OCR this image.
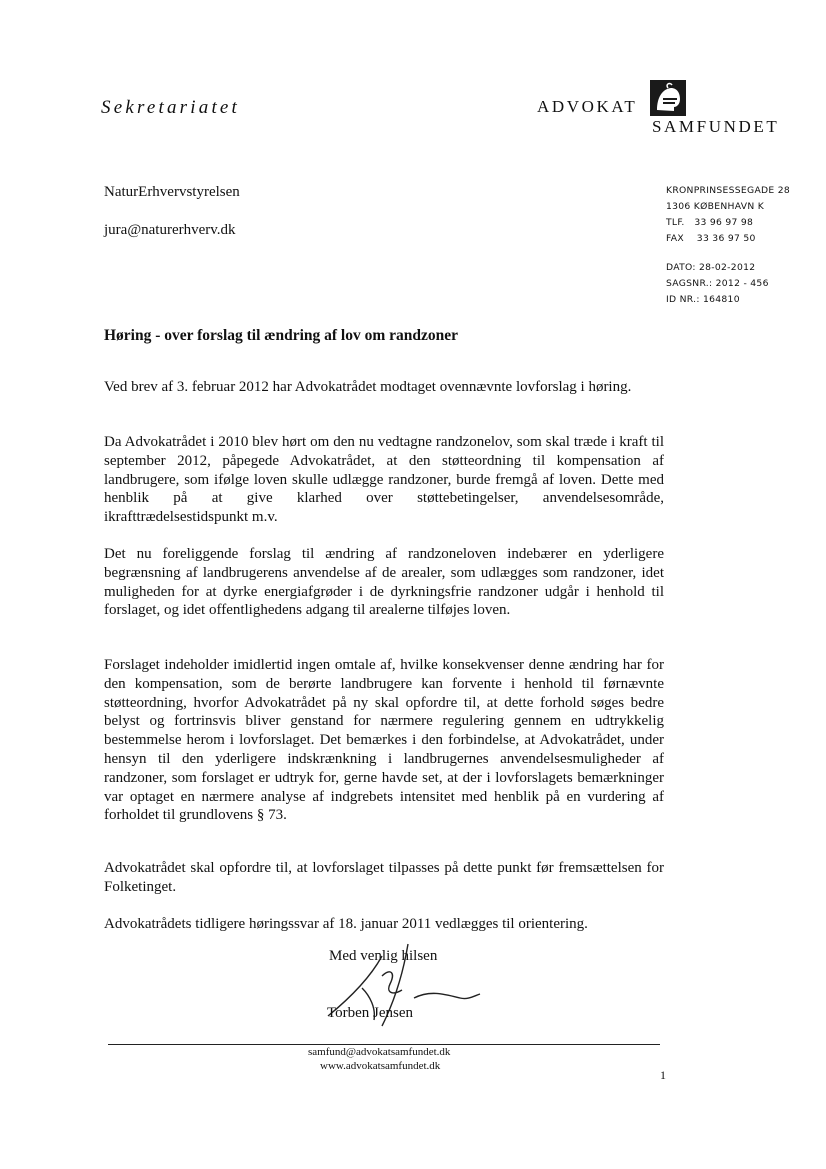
Sekretariatet	ADVOKAT
SAMFUNDET
NaturErhvervstyrelsen
jura@naturerhverv.dk
KRONPRINSESSEGADE 28
1306 KØBENHAVN K
TLF.   33 96 97 98
FAX    33 36 97 50
DATO: 28-02-2012
SAGSNR.: 2012 - 456
ID NR.: 164810
Høring - over forslag til ændring af lov om randzoner

Ved brev af 3. februar 2012 har Advokatrådet modtaget ovennævnte lovforslag i høring.

Da Advokatrådet i 2010 blev hørt om den nu vedtagne randzonelov, som skal træde i kraft til september 2012, påpegede Advokatrådet, at den støtteordning til kompensation af landbrugere, som ifølge loven skulle udlægge randzoner, burde fremgå af loven. Dette med henblik på at give klarhed over støttebetingelser, anvendelsesområde, ikrafttrædelsestidspunkt m.v.

Det nu foreliggende forslag til ændring af randzoneloven indebærer en yderligere begrænsning af landbrugerens anvendelse af de arealer, som udlægges som randzoner, idet muligheden for at dyrke energiafgrøder i de dyrkningsfrie randzoner udgår i henhold til forslaget, og idet offentlighedens adgang til arealerne tilføjes loven.

Forslaget indeholder imidlertid ingen omtale af, hvilke konsekvenser denne ændring har for den kompensation, som de berørte landbrugere kan forvente i henhold til førnævnte støtteordning, hvorfor Advokatrådet på ny skal opfordre til, at dette forhold søges bedre belyst og fortrinsvis bliver genstand for nærmere regulering gennem en udtrykkelig bestemmelse herom i lovforslaget. Det bemærkes i den forbindelse, at Advokatrådet, under hensyn til den yderligere indskrænkning i landbrugernes anvendelsesmuligheder af randzoner, som forslaget er udtryk for, gerne havde set, at der i lovforslagets bemærkninger var optaget en nærmere analyse af indgrebets intensitet med henblik på en vurdering af forholdet til grundlovens § 73.

Advokatrådet skal opfordre til, at lovforslaget tilpasses på dette punkt før fremsættelsen for Folketinget.

Advokatrådets tidligere høringssvar af 18. januar 2011 vedlægges til orientering.

Med venlig hilsen
Torben Jensen
samfund@advokatsamfundet.dk
www.advokatsamfundet.dk
1
